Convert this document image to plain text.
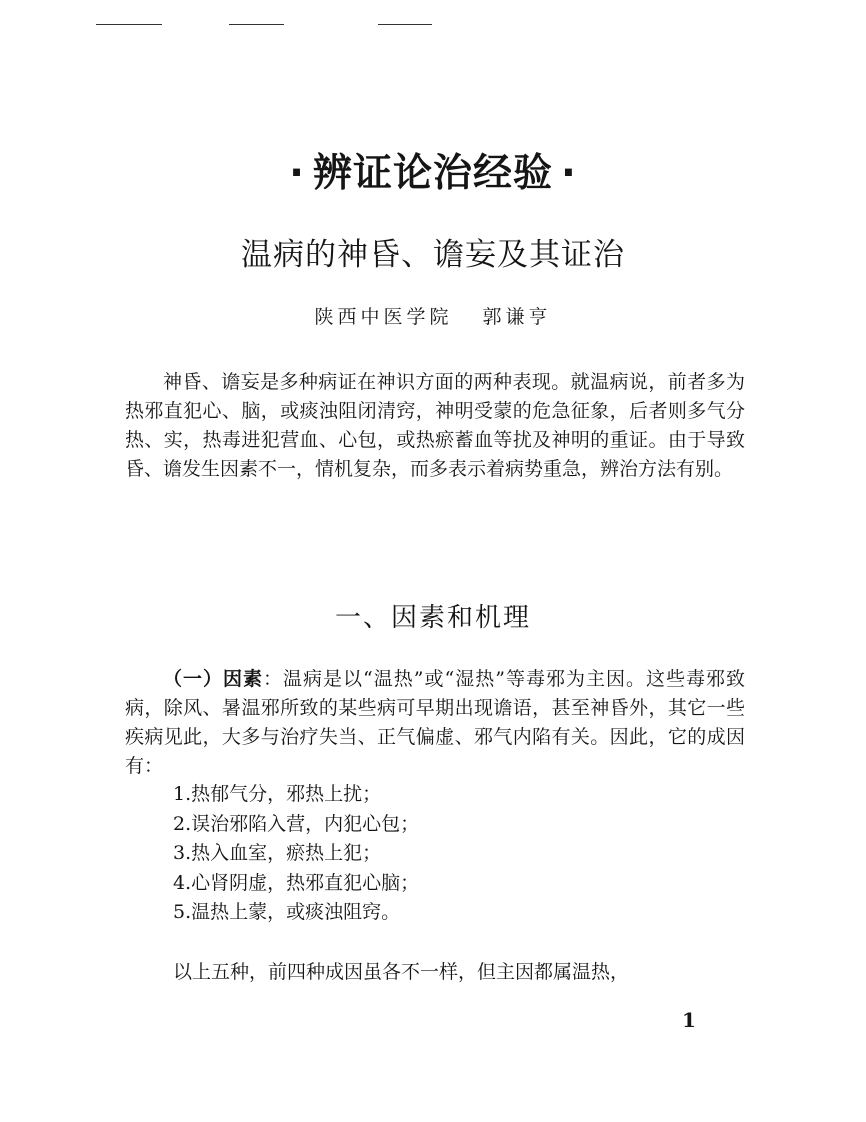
· 辨证论治经验 ·
温病的神昏、谵妄及其证治
陕西中医学院 郭谦亨

神昏、谵妄是多种病证在神识方面的两种表现。就温病说，前者多为热邪直犯心、脑，或痰浊阻闭清窍，神明受蒙的危急征象，后者则多气分热、实，热毒进犯营血、心包，或热瘀蓄血等扰及神明的重证。由于导致昏、谵发生因素不一，情机复杂，而多表示着病势重急，辨治方法有别。

一、因素和机理

（一）因素：温病是以“温热”或“湿热”等毒邪为主因。这些毒邪致病，除风、暑温邪所致的某些病可早期出现谵语，甚至神昏外，其它一些疾病见此，大多与治疗失当、正气偏虚、邪气内陷有关。因此，它的成因有：

1.热郁气分，邪热上扰；
2.误治邪陷入营，内犯心包；
3.热入血室，瘀热上犯；
4.心肾阴虚，热邪直犯心脑；
5.温热上蒙，或痰浊阻窍。

以上五种，前四种成因虽各不一样，但主因都属温热，

1
